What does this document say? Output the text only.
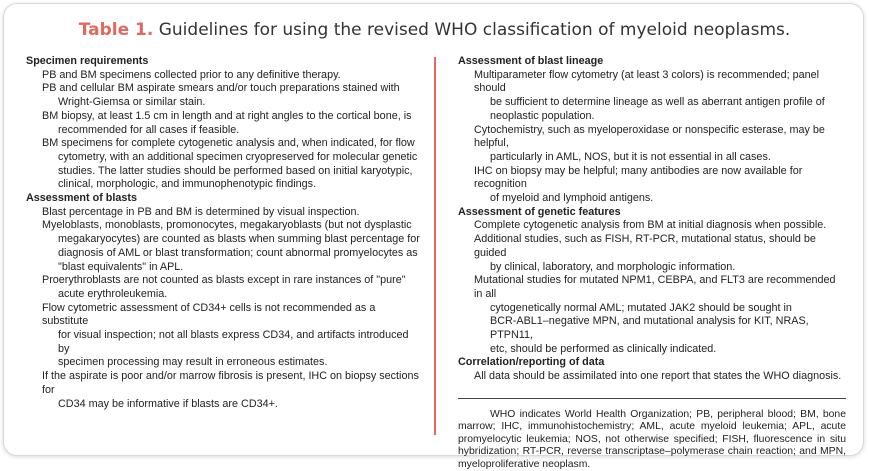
Table 1. Guidelines for using the revised WHO classification of myeloid neoplasms.

Specimen requirements

PB and BM specimens collected prior to any definitive therapy.

PB and cellular BM aspirate smears and/or touch preparations stained with

Wright-Giemsa or similar stain.

BM biopsy, at least 1.5 cm in length and at right angles to the cortical bone, is

recommended for all cases if feasible.

BM specimens for complete cytogenetic analysis and, when indicated, for flow

cytometry, with an additional specimen cryopreserved for molecular genetic

studies. The latter studies should be performed based on initial karyotypic,

clinical, morphologic, and immunophenotypic findings.

Assessment of blasts

Blast percentage in PB and BM is determined by visual inspection.

Myeloblasts, monoblasts, promonocytes, megakaryoblasts (but not dysplastic

megakaryocytes) are counted as blasts when summing blast percentage for

diagnosis of AML or blast transformation; count abnormal promyelocytes as

"blast equivalents" in APL.

Proerythroblasts are not counted as blasts except in rare instances of "pure"

acute erythroleukemia.

Flow cytometric assessment of CD34+ cells is not recommended as a substitute

for visual inspection; not all blasts express CD34, and artifacts introduced by

specimen processing may result in erroneous estimates.

If the aspirate is poor and/or marrow fibrosis is present, IHC on biopsy sections for

CD34 may be informative if blasts are CD34+.

Assessment of blast lineage

Multiparameter flow cytometry (at least 3 colors) is recommended; panel should

be sufficient to determine lineage as well as aberrant antigen profile of

neoplastic population.

Cytochemistry, such as myeloperoxidase or nonspecific esterase, may be helpful,

particularly in AML, NOS, but it is not essential in all cases.

IHC on biopsy may be helpful; many antibodies are now available for recognition

of myeloid and lymphoid antigens.

Assessment of genetic features

Complete cytogenetic analysis from BM at initial diagnosis when possible.

Additional studies, such as FISH, RT-PCR, mutational status, should be guided

by clinical, laboratory, and morphologic information.

Mutational studies for mutated NPM1, CEBPA, and FLT3 are recommended in all

cytogenetically normal AML; mutated JAK2 should be sought in

BCR-ABL1–negative MPN, and mutational analysis for KIT, NRAS, PTPN11,

etc, should be performed as clinically indicated.

Correlation/reporting of data

All data should be assimilated into one report that states the WHO diagnosis.

WHO indicates World Health Organization; PB, peripheral blood; BM, bone marrow; IHC, immunohistochemistry; AML, acute myeloid leukemia; APL, acute promyelocytic leukemia; NOS, not otherwise specified; FISH, fluorescence in situ hybridization; RT-PCR, reverse transcriptase–polymerase chain reaction; and MPN, myeloproliferative neoplasm.
